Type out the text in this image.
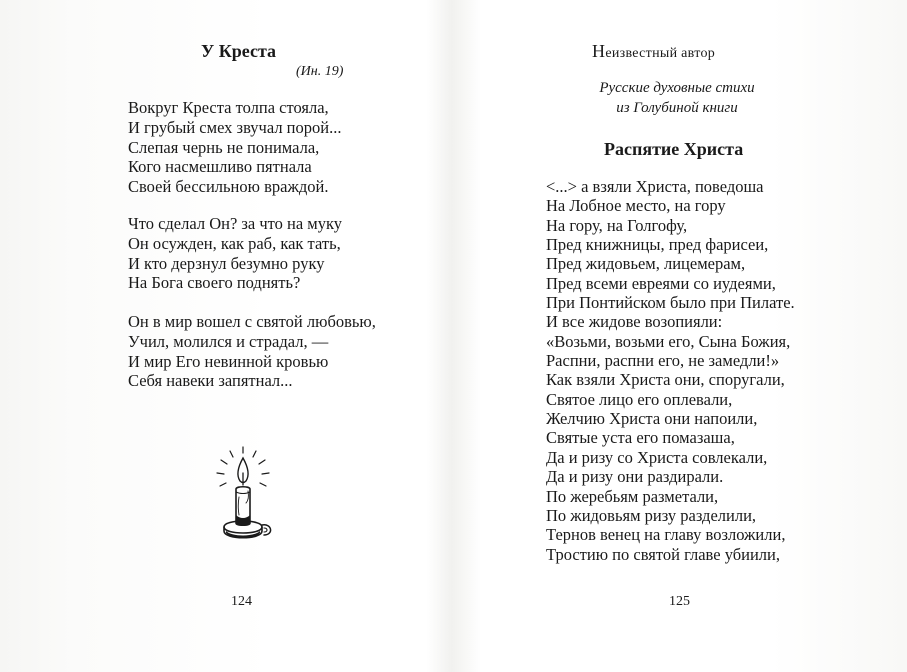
У Креста
(Ин. 19)
Вокруг Креста толпа стояла,
И грубый смех звучал порой...
Слепая чернь не понимала,
Кого насмешливо пятнала
Своей бессильною враждой.
Что сделал Он? за что на муку
Он осужден, как раб, как тать,
И кто дерзнул безумно руку
На Бога своего поднять?
Он в мир вошел с святой любовью,
Учил, молился и страдал, —
И мир Его невинной кровью
Себя навеки запятнал...
124
Неизвестный автор
Русские духовные стихи
из Голубиной книги
Распятие Христа
<...> а взяли Христа, поведоша
На Лобное место, на гору
На гору, на Голгофу,
Пред книжницы, пред фарисеи,
Пред жидовьем, лицемерам,
Пред всеми евреями со иудеями,
При Понтийском было при Пилате.
И все жидове возопияли:
«Возьми, возьми его, Сына Божия,
Распни, распни его, не замедли!»
Как взяли Христа они, споругали,
Святое лицо его оплевали,
Желчию Христа они напоили,
Святые уста его помазаша,
Да и ризу со Христа совлекали,
Да и ризу они раздирали.
По жеребьям разметали,
По жидовьям ризу разделили,
Тернов венец на главу возложили,
Тростию по святой главе убиили,
125
